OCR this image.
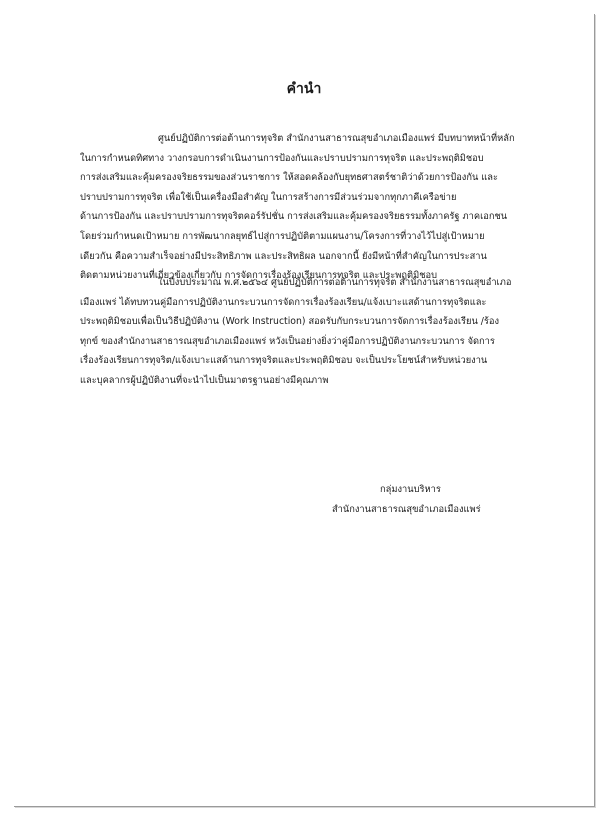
คำนำ
ศูนย์ปฏิบัติการต่อต้านการทุจริต สำนักงานสาธารณสุขอำเภอเมืองแพร่ มีบทบาทหน้าที่หลัก
ในการกำหนดทิศทาง วางกรอบการดำเนินงานการป้องกันและปราบปรามการทุจริต และประพฤติมิชอบ
การส่งเสริมและคุ้มครองจริยธรรมของส่วนราชการ ให้สอดคล้องกับยุทธศาสตร์ชาติว่าด้วยการป้องกัน และ
ปราบปรามการทุจริต เพื่อใช้เป็นเครื่องมือสำคัญ ในการสร้างการมีส่วนร่วมจากทุกภาคีเครือข่าย
ด้านการป้องกัน และปราบปรามการทุจริตคอร์รัปชั่น การส่งเสริมและคุ้มครองจริยธรรมทั้งภาครัฐ ภาคเอกชน
โดยร่วมกำหนดเป้าหมาย การพัฒนากลยุทธ์ไปสู่การปฏิบัติตามแผนงาน/โครงการที่วางไว้ไปสู่เป้าหมาย
เดียวกัน คือความสำเร็จอย่างมีประสิทธิภาพ และประสิทธิผล นอกจากนี้ ยังมีหน้าที่สำคัญในการประสาน
ติดตามหน่วยงานที่เกี่ยวข้องเกี่ยวกับ การจัดการเรื่องร้องเรียนการทุจริต และประพฤติมิชอบ
ในปีงบประมาณ พ.ศ.๒๕๖๔ ศูนย์ปฏิบัติการต่อต้านการทุจริต สำนักงานสาธารณสุขอำเภอ
เมืองแพร่ ได้ทบทวนคู่มือการปฏิบัติงานกระบวนการจัดการเรื่องร้องเรียน/แจ้งเบาะแสด้านการทุจริตและ
ประพฤติมิชอบเพื่อเป็นวิธีปฏิบัติงาน (Work Instruction) สอดรับกับกระบวนการจัดการเรื่องร้องเรียน /ร้อง
ทุกข์ ของสำนักงานสาธารณสุขอำเภอเมืองแพร่ หวังเป็นอย่างยิ่งว่าคู่มือการปฏิบัติงานกระบวนการ จัดการ
เรื่องร้องเรียนการทุจริต/แจ้งเบาะแสด้านการทุจริตและประพฤติมิชอบ จะเป็นประโยชน์สำหรับหน่วยงาน
และบุคลากรผู้ปฏิบัติงานที่จะนำไปเป็นมาตรฐานอย่างมีคุณภาพ
กลุ่มงานบริหาร
สำนักงานสาธารณสุขอำเภอเมืองแพร่
